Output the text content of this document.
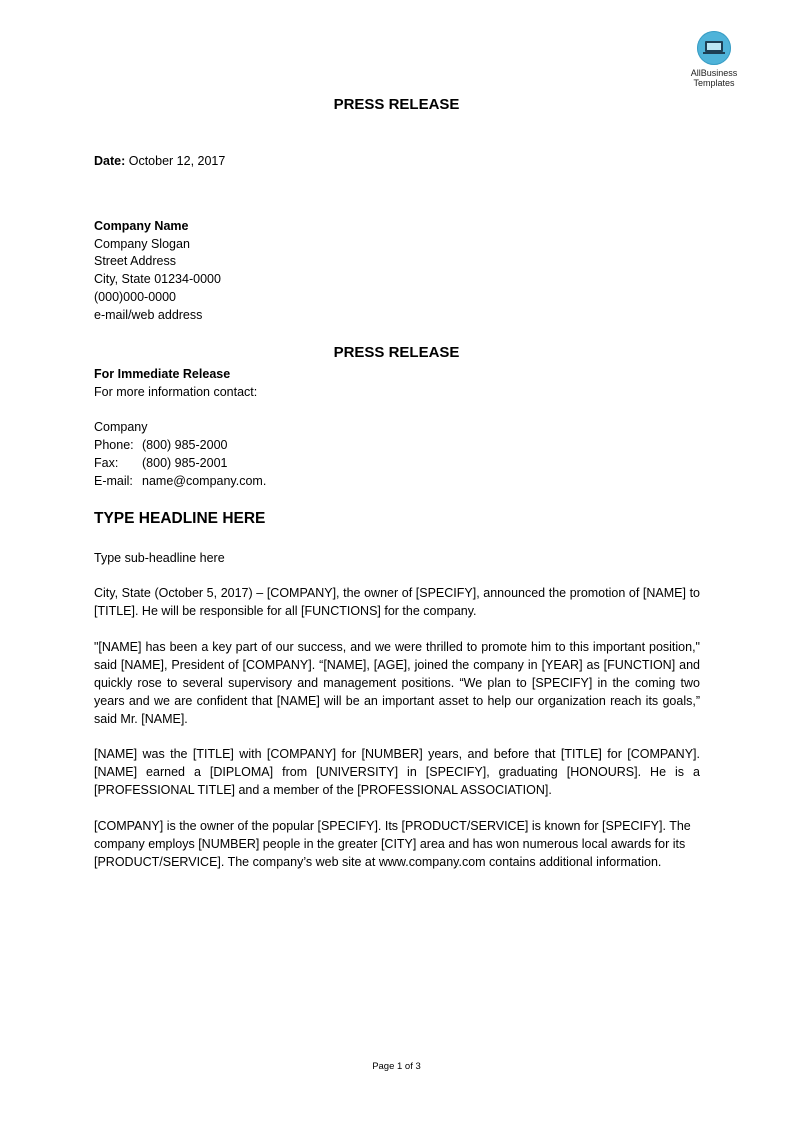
AllBusiness
Templates
PRESS RELEASE
Date: October 12, 2017
Company Name
Company Slogan
Street Address
City, State 01234-0000
(000)000-0000
e-mail/web address
PRESS RELEASE
For Immediate Release
For more information contact:
Company
Phone: (800) 985-2000
Fax: (800) 985-2001
E-mail: name@company.com.
TYPE HEADLINE HERE
Type sub-headline here
City, State (October 5, 2017) – [COMPANY], the owner of [SPECIFY], announced the promotion of [NAME] to [TITLE]. He will be responsible for all [FUNCTIONS] for the company.
"[NAME] has been a key part of our success, and we were thrilled to promote him to this important position," said [NAME], President of [COMPANY]. “[NAME], [AGE], joined the company in [YEAR] as [FUNCTION] and quickly rose to several supervisory and management positions. “We plan to [SPECIFY] in the coming two years and we are confident that [NAME] will be an important asset to help our organization reach its goals,” said Mr. [NAME].
[NAME] was the [TITLE] with [COMPANY] for [NUMBER] years, and before that [TITLE] for [COMPANY]. [NAME] earned a [DIPLOMA] from [UNIVERSITY] in [SPECIFY], graduating [HONOURS]. He is a [PROFESSIONAL TITLE] and a member of the [PROFESSIONAL ASSOCIATION].
[COMPANY] is the owner of the popular [SPECIFY]. Its [PRODUCT/SERVICE] is known for [SPECIFY]. The company employs [NUMBER] people in the greater [CITY] area and has won numerous local awards for its [PRODUCT/SERVICE]. The company’s web site at www.company.com contains additional information.
Page 1 of 3
